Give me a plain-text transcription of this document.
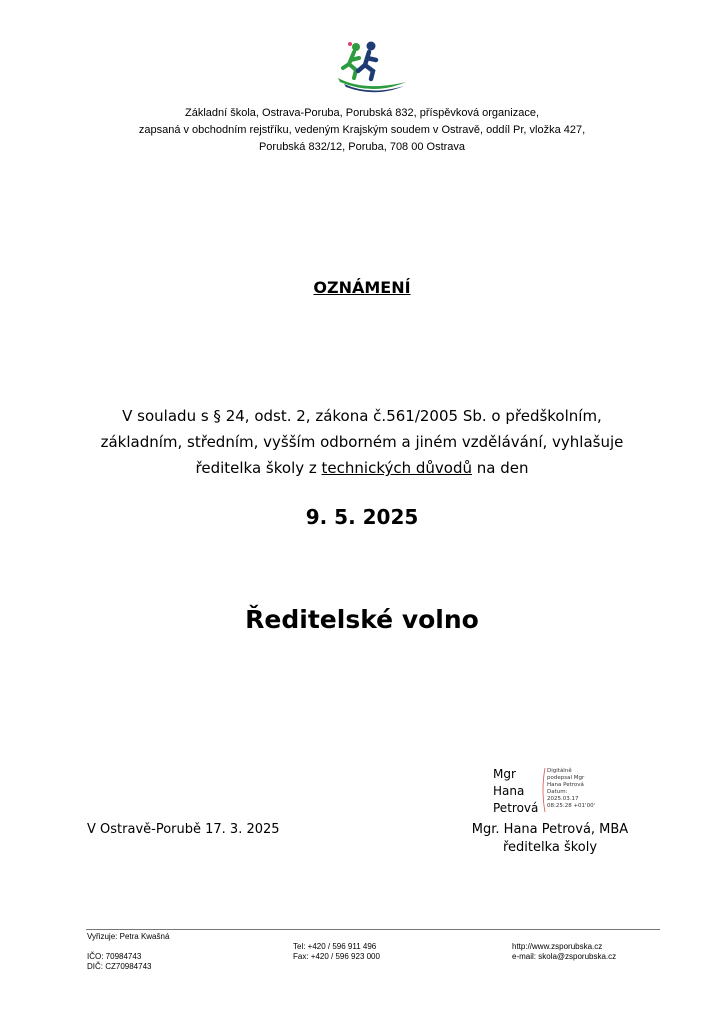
Základní škola, Ostrava-Poruba, Porubská 832, příspěvková organizace,
zapsaná v obchodním rejstříku, vedeným Krajským soudem v Ostravě, oddíl Pr, vložka 427,
Porubská 832/12, Poruba, 708 00 Ostrava
OZNÁMENÍ
V souladu s § 24, odst. 2, zákona č.561/2005 Sb. o předškolním,
základním, středním, vyšším odborném a jiném vzdělávání, vyhlašuje
ředitelka školy z technických důvodů na den
9. 5. 2025
Ředitelské volno
Mgr
Hana
Petrová
Digitálně
podepsal Mgr
Hana Petrová
Datum:
2025.03.17
08:25:28 +01'00'
V Ostravě-Porubě 17. 3. 2025	Mgr. Hana Petrová, MBA
ředitelka školy
Vyřizuje: Petra Kwašná
IČO: 70984743
DIČ: CZ70984743
Tel: +420 / 596 911 496
Fax: +420 / 596 923 000
http://www.zsporubska.cz
e-mail: skola@zsporubska.cz
